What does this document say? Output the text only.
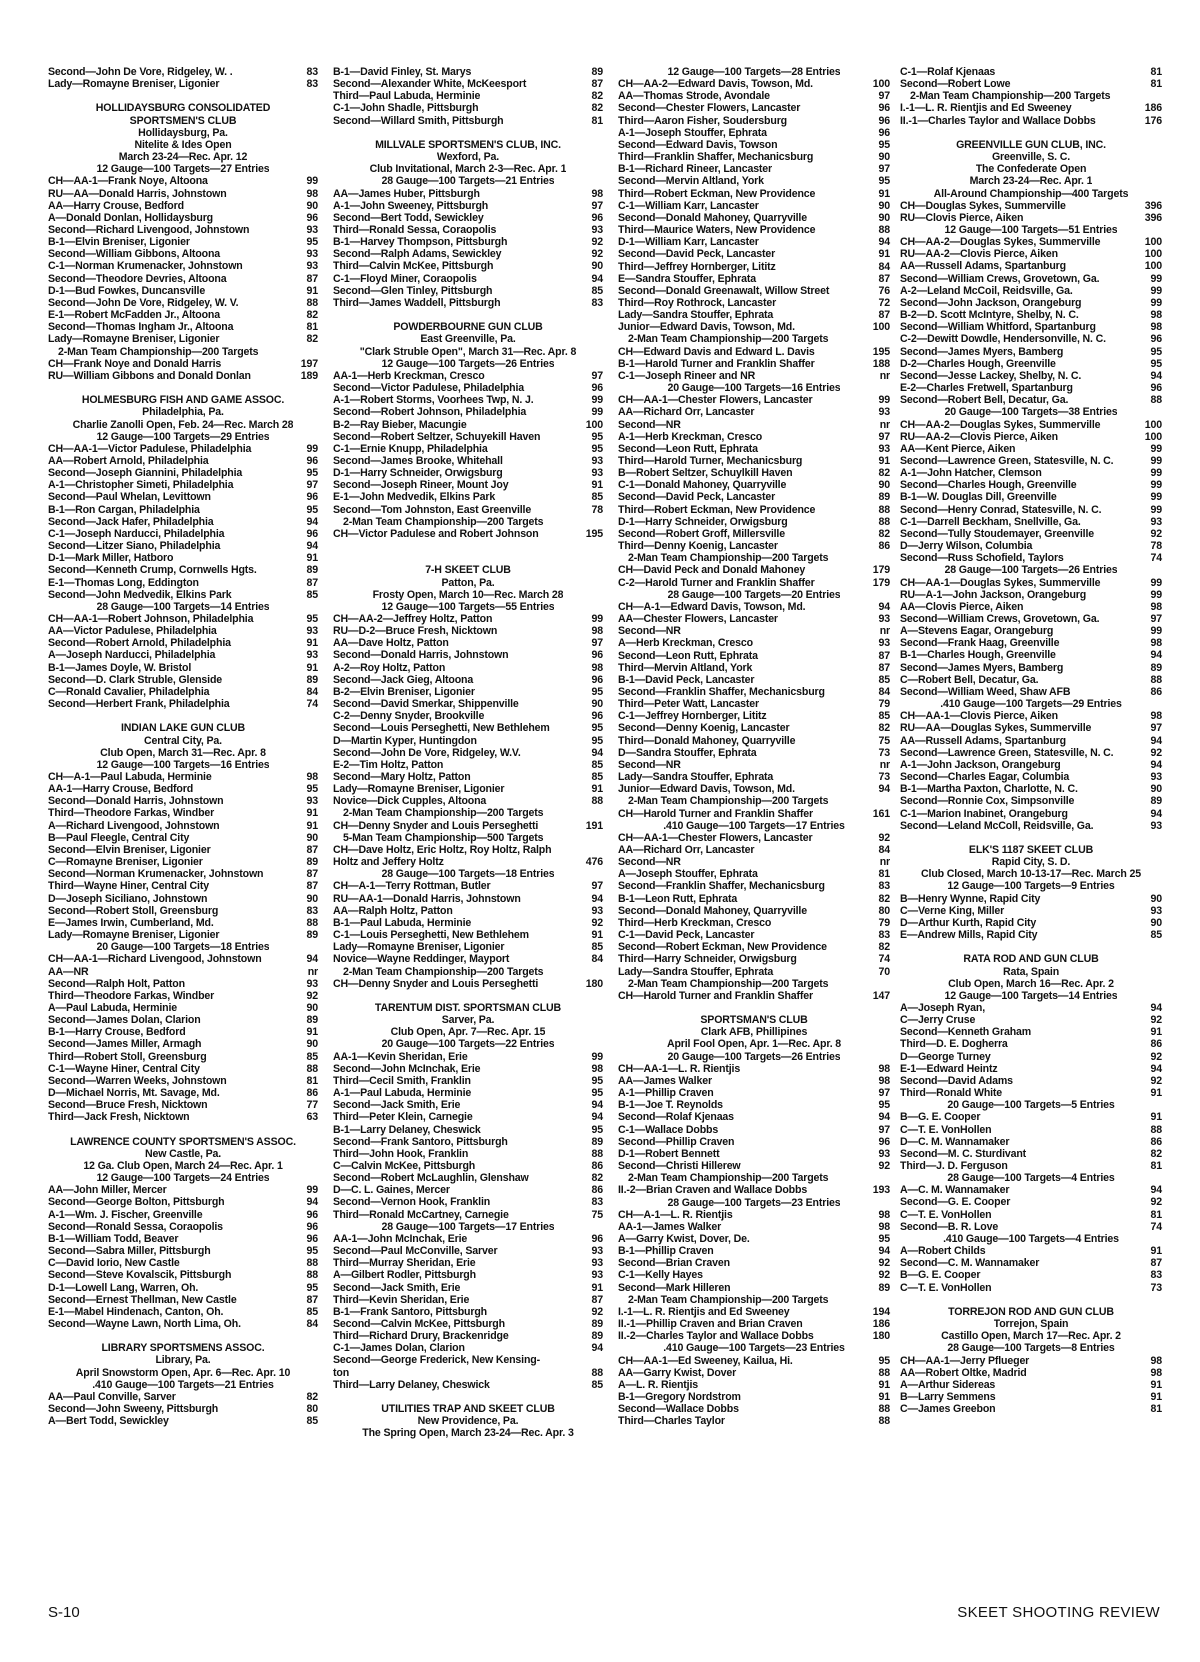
Second—John De Vore, Ridgeley, W. .	83
Lady—Romayne Breniser, Ligonier	83
HOLLIDAYSBURG CONSOLIDATED
SPORTSMEN'S CLUB
Hollidaysburg, Pa.
Nitelite & Ides Open
March 23-24—Rec. Apr. 12
12 Gauge—100 Targets—27 Entries
CH—AA-1—Frank Noye, Altoona	99
RU—AA—Donald Harris, Johnstown	98
AA—Harry Crouse, Bedford	90
A—Donald Donlan, Hollidaysburg	96
Second—Richard Livengood, Johnstown	93
B-1—Elvin Breniser, Ligonier	95
Second—William Gibbons, Altoona	93
C-1—Norman Krumenacker, Johnstown	93
Second—Theodore Devries, Altoona	87
D-1—Bud Fowkes, Duncansville	91
Second—John De Vore, Ridgeley, W. V.	88
E-1—Robert McFadden Jr., Altoona	82
Second—Thomas Ingham Jr., Altoona	81
Lady—Romayne Breniser, Ligonier	82
2-Man Team Championship—200 Targets
CH—Frank Noye and Donald Harris	197
RU—William Gibbons and Donald Donlan	189
HOLMESBURG FISH AND GAME ASSOC.
Philadelphia, Pa.
Charlie Zanolli Open, Feb. 24—Rec. March 28
12 Gauge—100 Targets—29 Entries
CH—AA-1—Victor Padulese, Philadelphia	99
AA—Robert Arnold, Philadelphia	96
Second—Joseph Giannini, Philadelphia	95
A-1—Christopher Simeti, Philadelphia	97
Second—Paul Whelan, Levittown	96
B-1—Ron Cargan, Philadelphia	95
Second—Jack Hafer, Philadelphia	94
C-1—Joseph Narducci, Philadelphia	96
Second—Litzer Siano, Philadelphia	94
D-1—Mark Miller, Hatboro	91
Second—Kenneth Crump, Cornwells Hgts.	89
E-1—Thomas Long, Eddington	87
Second—John Medvedik, Elkins Park	85
28 Gauge—100 Targets—14 Entries
CH—AA-1—Robert Johnson, Philadelphia	95
AA—Victor Padulese, Philadelphia	93
Second—Robert Arnold, Philadelphia	91
A—Joseph Narducci, Philadelphia	93
B-1—James Doyle, W. Bristol	91
Second—D. Clark Struble, Glenside	89
C—Ronald Cavalier, Philadelphia	84
Second—Herbert Frank, Philadelphia	74
INDIAN LAKE GUN CLUB
Central City, Pa.
Club Open, March 31—Rec. Apr. 8
12 Gauge—100 Targets—16 Entries
CH—A-1—Paul Labuda, Herminie	98
AA-1—Harry Crouse, Bedford	95
Second—Donald Harris, Johnstown	93
Third—Theodore Farkas, Windber	91
A—Richard Livengood, Johnstown	91
B—Paul Fleegle, Central City	90
Second—Elvin Breniser, Ligonier	87
C—Romayne Breniser, Ligonier	89
Second—Norman Krumenacker, Johnstown	87
Third—Wayne Hiner, Central City	87
D—Joseph Siciliano, Johnstown	90
Second—Robert Stoll, Greensburg	83
E—James Irwin, Cumberland, Md.	88
Lady—Romayne Breniser, Ligonier	89
20 Gauge—100 Targets—18 Entries
CH—AA-1—Richard Livengood, Johnstown	94
AA—NR	nr
Second—Ralph Holt, Patton	93
Third—Theodore Farkas, Windber	92
A—Paul Labuda, Herminie	90
Second—James Dolan, Clarion	89
B-1—Harry Crouse, Bedford	91
Second—James Miller, Armagh	90
Third—Robert Stoll, Greensburg	85
C-1—Wayne Hiner, Central City	88
Second—Warren Weeks, Johnstown	81
D—Michael Norris, Mt. Savage, Md.	86
Second—Bruce Fresh, Nicktown	77
Third—Jack Fresh, Nicktown	63
LAWRENCE COUNTY SPORTSMEN'S ASSOC.
New Castle, Pa.
12 Ga. Club Open, March 24—Rec. Apr. 1
12 Gauge—100 Targets—24 Entries
AA—John Miller, Mercer	99
Second—George Bolton, Pittsburgh	94
A-1—Wm. J. Fischer, Greenville	96
Second—Ronald Sessa, Coraopolis	96
B-1—William Todd, Beaver	96
Second—Sabra Miller, Pittsburgh	95
C—David Iorio, New Castle	88
Second—Steve Kovalscik, Pittsburgh	88
D-1—Lowell Lang, Warren, Oh.	95
Second—Ernest Thellman, New Castle	87
E-1—Mabel Hindenach, Canton, Oh.	85
Second—Wayne Lawn, North Lima, Oh.	84
LIBRARY SPORTSMENS ASSOC.
Library, Pa.
April Snowstorm Open, Apr. 6—Rec. Apr. 10
.410 Gauge—100 Targets—21 Entries
AA—Paul Conville, Sarver	82
Second—John Sweeny, Pittsburgh	80
A—Bert Todd, Sewickley	85
B-1—David Finley, St. Marys	89
Second—Alexander White, McKeesport	87
Third—Paul Labuda, Herminie	82
C-1—John Shadle, Pittsburgh	82
Second—Willard Smith, Pittsburgh	81
MILLVALE SPORTSMEN'S CLUB, INC.
Wexford, Pa.
Club Invitational, March 2-3—Rec. Apr. 1
28 Gauge—100 Targets—21 Entries
AA—James Huber, Pittsburgh	98
A-1—John Sweeney, Pittsburgh	97
Second—Bert Todd, Sewickley	96
Third—Ronald Sessa, Coraopolis	93
B-1—Harvey Thompson, Pittsburgh	92
Second—Ralph Adams, Sewickley	92
Third—Calvin McKee, Pittsburgh	90
C-1—Floyd Miner, Coraopolis	94
Second—Glen Tinley, Pittsburgh	85
Third—James Waddell, Pittsburgh	83
POWDERBOURNE GUN CLUB
East Greenville, Pa.
"Clark Struble Open", March 31—Rec. Apr. 8
12 Gauge—100 Targets—26 Entries
AA-1—Herb Kreckman, Cresco	97
Second—Victor Padulese, Philadelphia	96
A-1—Robert Storms, Voorhees Twp, N. J.	99
Second—Robert Johnson, Philadelphia	99
B-2—Ray Bieber, Macungie	100
Second—Robert Seltzer, Schuyekill Haven	95
C-1—Ernie Knupp, Philadelphia	95
Second—James Brooke, Whitehall	93
D-1—Harry Schneider, Orwigsburg	93
Second—Joseph Rineer, Mount Joy	91
E-1—John Medvedik, Elkins Park	85
Second—Tom Johnston, East Greenville	78
2-Man Team Championship—200 Targets
CH—Victor Padulese and Robert Johnson	195
7-H SKEET CLUB
Patton, Pa.
Frosty Open, March 10—Rec. March 28
12 Gauge—100 Targets—55 Entries
CH—AA-2—Jeffrey Holtz, Patton	99
RU—D-2—Bruce Fresh, Nicktown	98
AA—Dave Holtz, Patton	97
Second—Donald Harris, Johnstown	96
A-2—Roy Holtz, Patton	98
Second—Jack Gieg, Altoona	96
B-2—Elvin Breniser, Ligonier	95
Second—David Smerkar, Shippenville	90
C-2—Denny Snyder, Brookville	96
Second—Louis Perseghetti, New Bethlehem	95
D—Martin Kyper, Huntingdon	95
Second—John De Vore, Ridgeley, W.V.	94
E-2—Tim Holtz, Patton	85
Second—Mary Holtz, Patton	85
Lady—Romayne Breniser, Ligonier	91
Novice—Dick Cupples, Altoona	88
2-Man Team Championship—200 Targets
CH—Denny Snyder and Louis Perseghetti	191
5-Man Team Championship—500 Targets
CH—Dave Holtz, Eric Holtz, Roy Holtz, Ralph
Holtz and Jeffery Holtz	476
28 Gauge—100 Targets—18 Entries
CH—A-1—Terry Rottman, Butler	97
RU—AA-1—Donald Harris, Johnstown	94
AA—Ralph Holtz, Patton	93
B-1—Paul Labuda, Herminie	92
C-1—Louis Perseghetti, New Bethlehem	91
Lady—Romayne Breniser, Ligonier	85
Novice—Wayne Reddinger, Mayport	84
2-Man Team Championship—200 Targets
CH—Denny Snyder and Louis Perseghetti	180
TARENTUM DIST. SPORTSMAN CLUB
Sarver, Pa.
Club Open, Apr. 7—Rec. Apr. 15
20 Gauge—100 Targets—22 Entries
AA-1—Kevin Sheridan, Erie	99
Second—John McInchak, Erie	98
Third—Cecil Smith, Franklin	95
A-1—Paul Labuda, Herminie	95
Second—Jack Smith, Erie	94
Third—Peter Klein, Carnegie	94
B-1—Larry Delaney, Cheswick	95
Second—Frank Santoro, Pittsburgh	89
Third—John Hook, Franklin	88
C—Calvin McKee, Pittsburgh	86
Second—Robert McLaughlin, Glenshaw	82
D—C. L. Gaines, Mercer	86
Second—Vernon Hook, Franklin	83
Third—Ronald McCartney, Carnegie	75
28 Gauge—100 Targets—17 Entries
AA-1—John McInchak, Erie	96
Second—Paul McConville, Sarver	93
Third—Murray Sheridan, Erie	93
A—Gilbert Rodler, Pittsburgh	93
Second—Jack Smith, Erie	91
Third—Kevin Sheridan, Erie	87
B-1—Frank Santoro, Pittsburgh	92
Second—Calvin McKee, Pittsburgh	89
Third—Richard Drury, Brackenridge	89
C-1—James Dolan, Clarion	94
Second—George Frederick, New Kensing-
ton	88
Third—Larry Delaney, Cheswick	85
UTILITIES TRAP AND SKEET CLUB
New Providence, Pa.
The Spring Open, March 23-24—Rec. Apr. 3
12 Gauge—100 Targets—28 Entries
CH—AA-2—Edward Davis, Towson, Md.	100
AA—Thomas Strode, Avondale	97
Second—Chester Flowers, Lancaster	96
Third—Aaron Fisher, Soudersburg	96
A-1—Joseph Stouffer, Ephrata	96
Second—Edward Davis, Towson	95
Third—Franklin Shaffer, Mechanicsburg	90
B-1—Richard Rineer, Lancaster	97
Second—Mervin Altland, York	95
Third—Robert Eckman, New Providence	91
C-1—William Karr, Lancaster	90
Second—Donald Mahoney, Quarryville	90
Third—Maurice Waters, New Providence	88
D-1—William Karr, Lancaster	94
Second—David Peck, Lancaster	91
Third—Jeffrey Hornberger, Lititz	84
E—Sandra Stouffer, Ephrata	87
Second—Donald Greenawalt, Willow Street	76
Third—Roy Rothrock, Lancaster	72
Lady—Sandra Stouffer, Ephrata	87
Junior—Edward Davis, Towson, Md.	100
2-Man Team Championship—200 Targets
CH—Edward Davis and Edward L. Davis	195
B-1—Harold Turner and Franklin Shaffer	188
C-1—Joseph Rineer and NR	nr
20 Gauge—100 Targets—16 Entries
CH—AA-1—Chester Flowers, Lancaster	99
AA—Richard Orr, Lancaster	93
Second—NR	nr
A-1—Herb Kreckman, Cresco	97
Second—Leon Rutt, Ephrata	93
Third—Harold Turner, Mechanicsburg	91
B—Robert Seltzer, Schuylkill Haven	82
C-1—Donald Mahoney, Quarryville	90
Second—David Peck, Lancaster	89
Third—Robert Eckman, New Providence	88
D-1—Harry Schneider, Orwigsburg	88
Second—Robert Groff, Millersville	82
Third—Denny Koenig, Lancaster	86
2-Man Team Championship—200 Targets
CH—David Peck and Donald Mahoney	179
C-2—Harold Turner and Franklin Shaffer	179
28 Gauge—100 Targets—20 Entries
CH—A-1—Edward Davis, Towson, Md.	94
AA—Chester Flowers, Lancaster	93
Second—NR	nr
A—Herb Kreckman, Cresco	93
Second—Leon Rutt, Ephrata	87
Third—Mervin Altland, York	87
B-1—David Peck, Lancaster	85
Second—Franklin Shaffer, Mechanicsburg	84
Third—Peter Watt, Lancaster	79
C-1—Jeffrey Hornberger, Lititz	85
Second—Denny Koenig, Lancaster	82
Third—Donald Mahoney, Quarryville	75
D—Sandra Stouffer, Ephrata	73
Second—NR	nr
Lady—Sandra Stouffer, Ephrata	73
Junior—Edward Davis, Towson, Md.	94
2-Man Team Championship—200 Targets
CH—Harold Turner and Franklin Shaffer	161
.410 Gauge—100 Targets—17 Entries
CH—AA-1—Chester Flowers, Lancaster	92
AA—Richard Orr, Lancaster	84
Second—NR	nr
A—Joseph Stouffer, Ephrata	81
Second—Franklin Shaffer, Mechanicsburg	83
B-1—Leon Rutt, Ephrata	82
Second—Donald Mahoney, Quarryville	80
Third—Herb Kreckman, Cresco	79
C-1—David Peck, Lancaster	83
Second—Robert Eckman, New Providence	82
Third—Harry Schneider, Orwigsburg	74
Lady—Sandra Stouffer, Ephrata	70
2-Man Team Championship—200 Targets
CH—Harold Turner and Franklin Shaffer	147
SPORTSMAN'S CLUB
Clark AFB, Phillipines
April Fool Open, Apr. 1—Rec. Apr. 8
20 Gauge—100 Targets—26 Entries
CH—AA-1—L. R. Rientjis	98
AA—James Walker	98
A-1—Phillip Craven	97
B-1—Joe T. Reynolds	95
Second—Rolaf Kjenaas	94
C-1—Wallace Dobbs	97
Second—Phillip Craven	96
D-1—Robert Bennett	93
Second—Christi Hillerew	92
2-Man Team Championship—200 Targets
II.-2—Brian Craven and Wallace Dobbs	193
28 Gauge—100 Targets—23 Entries
CH—A-1—L. R. Rientjis	98
AA-1—James Walker	98
A—Garry Kwist, Dover, De.	95
B-1—Phillip Craven	94
Second—Brian Craven	92
C-1—Kelly Hayes	92
Second—Mark Hilleren	89
2-Man Team Championship—200 Targets
I.-1—L. R. Rientjis and Ed Sweeney	194
II.-1—Phillip Craven and Brian Craven	186
II.-2—Charles Taylor and Wallace Dobbs	180
.410 Gauge—100 Targets—23 Entries
CH—AA-1—Ed Sweeney, Kailua, Hi.	95
AA—Garry Kwist, Dover	88
A—L. R. Rientjis	91
B-1—Gregory Nordstrom	91
Second—Wallace Dobbs	88
Third—Charles Taylor	88
C-1—Rolaf Kjenaas	81
Second—Robert Lowe	81
2-Man Team Championship—200 Targets
I.-1—L. R. Rientjis and Ed Sweeney	186
II.-1—Charles Taylor and Wallace Dobbs	176
GREENVILLE GUN CLUB, INC.
Greenville, S. C.
The Confederate Open
March 23-24—Rec. Apr. 1
All-Around Championship—400 Targets
CH—Douglas Sykes, Summerville	396
RU—Clovis Pierce, Aiken	396
12 Gauge—100 Targets—51 Entries
CH—AA-2—Douglas Sykes, Summerville	100
RU—AA-2—Clovis Pierce, Aiken	100
AA—Russell Adams, Spartanburg	100
Second—William Crews, Grovetown, Ga.	99
A-2—Leland McCoil, Reidsville, Ga.	99
Second—John Jackson, Orangeburg	99
B-2—D. Scott McIntyre, Shelby, N. C.	98
Second—William Whitford, Spartanburg	98
C-2—Dewitt Dowdle, Hendersonville, N. C.	96
Second—James Myers, Bamberg	95
D-2—Charles Hough, Greenville	95
Second—Jesse Lackey, Shelby, N. C.	94
E-2—Charles Fretwell, Spartanburg	96
Second—Robert Bell, Decatur, Ga.	88
20 Gauge—100 Targets—38 Entries
CH—AA-2—Douglas Sykes, Summerville	100
RU—AA-2—Clovis Pierce, Aiken	100
AA—Kent Pierce, Aiken	99
Second—Lawrence Green, Statesville, N. C.	99
A-1—John Hatcher, Clemson	99
Second—Charles Hough, Greenville	99
B-1—W. Douglas Dill, Greenville	99
Second—Henry Conrad, Statesville, N. C.	99
C-1—Darrell Beckham, Snellville, Ga.	93
Second—Tully Stoudemayer, Greenville	92
D—Jerry Wilson, Columbia	78
Second—Russ Schofield, Taylors	74
28 Gauge—100 Targets—26 Entries
CH—AA-1—Douglas Sykes, Summerville	99
RU—A-1—John Jackson, Orangeburg	99
AA—Clovis Pierce, Aiken	98
Second—William Crews, Grovetown, Ga.	97
A—Stevens Eagar, Orangeburg	99
Second—Frank Haag, Greenville	98
B-1—Charles Hough, Greenville	94
Second—James Myers, Bamberg	89
C—Robert Bell, Decatur, Ga.	88
Second—William Weed, Shaw AFB	86
.410 Gauge—100 Targets—29 Entries
CH—AA-1—Clovis Pierce, Aiken	98
RU—AA—Douglas Sykes, Summerville	97
AA—Russell Adams, Spartanburg	94
Second—Lawrence Green, Statesville, N. C.	92
A-1—John Jackson, Orangeburg	94
Second—Charles Eagar, Columbia	93
B-1—Martha Paxton, Charlotte, N. C.	90
Second—Ronnie Cox, Simpsonville	89
C-1—Marion Inabinet, Orangeburg	94
Second—Leland McColl, Reidsville, Ga.	93
ELK'S 1187 SKEET CLUB
Rapid City, S. D.
Club Closed, March 10-13-17—Rec. March 25
12 Gauge—100 Targets—9 Entries
B—Henry Wynne, Rapid City	90
C—Verne King, Miller	93
D—Arthur Kurth, Rapid City	90
E—Andrew Mills, Rapid City	85
RATA ROD AND GUN CLUB
Rata, Spain
Club Open, March 16—Rec. Apr. 2
12 Gauge—100 Targets—14 Entries
A—Joseph Ryan,	94
C—Jerry Cruse	92
Second—Kenneth Graham	91
Third—D. E. Dogherra	86
D—George Turney	92
E-1—Edward Heintz	94
Second—David Adams	92
Third—Ronald White	91
20 Gauge—100 Targets—5 Entries
B—G. E. Cooper	91
C—T. E. VonHollen	88
D—C. M. Wannamaker	86
Second—M. C. Sturdivant	82
Third—J. D. Ferguson	81
28 Gauge—100 Targets—4 Entries
A—C. M. Wannamaker	94
Second—G. E. Cooper	92
C—T. E. VonHollen	81
Second—B. R. Love	74
.410 Gauge—100 Targets—4 Entries
A—Robert Childs	91
Second—C. M. Wannamaker	87
B—G. E. Cooper	83
C—T. E. VonHollen	73
TORREJON ROD AND GUN CLUB
Torrejon, Spain
Castillo Open, March 17—Rec. Apr. 2
28 Gauge—100 Targets—8 Entries
CH—AA-1—Jerry Pflueger	98
AA—Robert Oltke, Madrid	98
A—Arthur Sidereas	91
B—Larry Semmens	91
C—James Greebon	81
S-10	SKEET SHOOTING REVIEW
